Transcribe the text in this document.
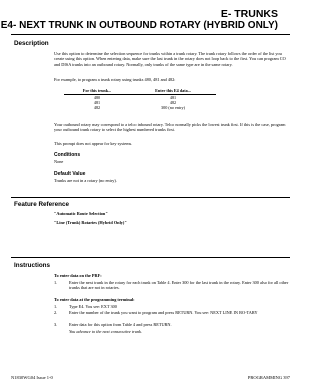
E- TRUNKS
E4- NEXT TRUNK IN OUTBOUND ROTARY (HYBRID ONLY)
Description
Use this option to determine the selection sequence for trunks within a trunk rotary. The trunk rotary follows the order of the list you create using this option. When entering data, make sure the last trunk in the rotary does not loop back to the first. You can program CO and DISA trunks into an outbound rotary. Normally, only trunks of the same type are in the same rotary.
For example, to program a trunk rotary using trunks 480, 481 and 482:
For this trunk...	Enter this E4 data...
480	481
481	482
482	300 (no entry)
Your outbound rotary may correspond to a telco inbound rotary. Telco normally picks the lowest trunk first. If this is the case, program your outbound trunk rotary to select the highest numbered trunks first.
This prompt does not appear for key systems.
Conditions
None
Default Value
Trunks are not in a rotary (no entry).
Feature Reference
"Automatic Route Selection"
"Line (Trunk) Rotaries (Hybrid Only)"
Instructions
To enter data on the PRF:
1.	Enter the next trunk in the rotary for each trunk on Table 4. Enter 300 for the last trunk in the rotary. Enter 300 also for all other trunks that are not in rotaries.
To enter data at the programming terminal:
1.	Type E4. You see: EXT 300
2.	Enter the number of the trunk you want to program and press RETURN. You see: NEXT LINE IN RO-TARY
3.	Enter data for this option from Table 4 and press RETURN.
You advance to the next consecutive trunk.
N1830WG04 Issue 1-0	PROGRAMMING 397
